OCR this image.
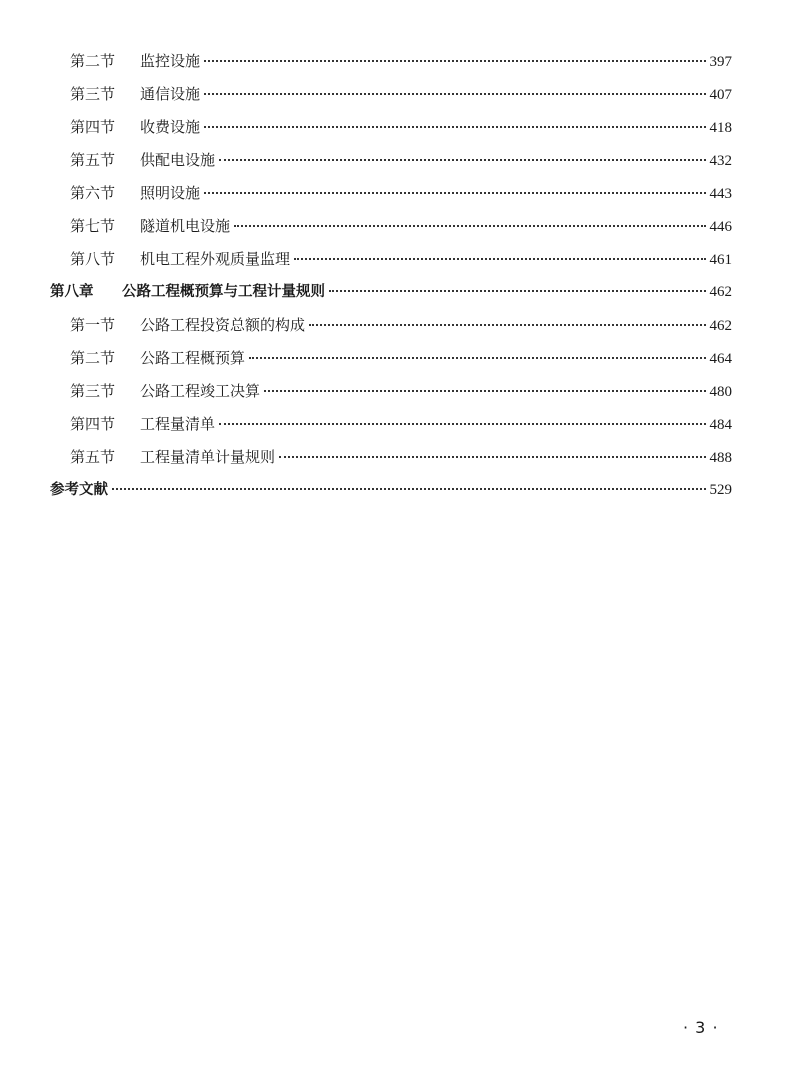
第二节	监控设施	397
第三节	通信设施	407
第四节	收费设施	418
第五节	供配电设施	432
第六节	照明设施	443
第七节	隧道机电设施	446
第八节	机电工程外观质量监理	461
第八章	公路工程概预算与工程计量规则	462
第一节	公路工程投资总额的构成	462
第二节	公路工程概预算	464
第三节	公路工程竣工决算	480
第四节	工程量清单	484
第五节	工程量清单计量规则	488
参考文献	529
· 3 ·
